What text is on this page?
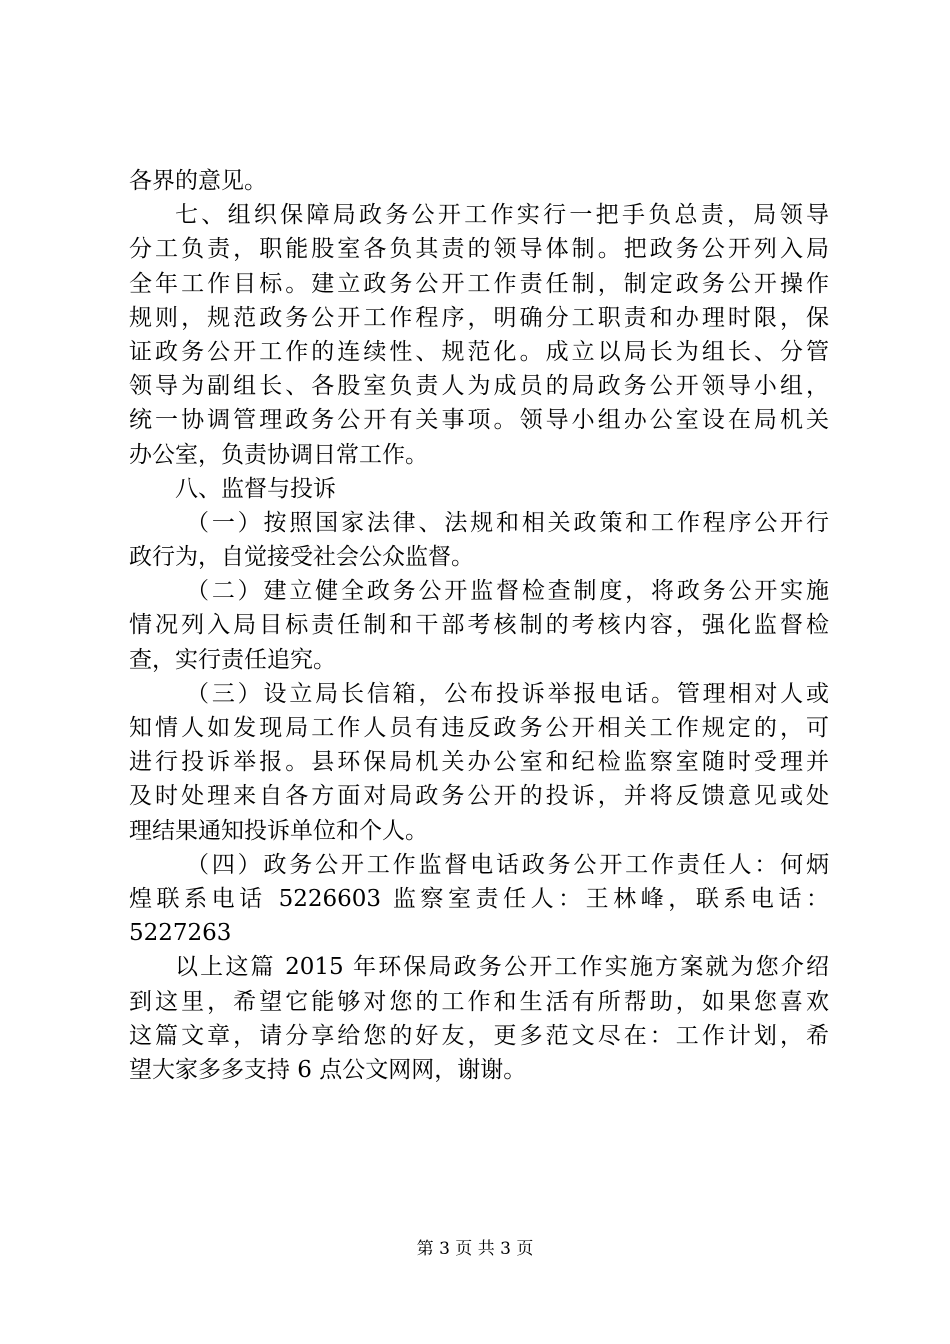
各界的意见。
七、组织保障局政务公开工作实行一把手负总责，局领导
分工负责，职能股室各负其责的领导体制。把政务公开列入局
全年工作目标。建立政务公开工作责任制，制定政务公开操作
规则，规范政务公开工作程序，明确分工职责和办理时限，保
证政务公开工作的连续性、规范化。成立以局长为组长、分管
领导为副组长、各股室负责人为成员的局政务公开领导小组，
统一协调管理政务公开有关事项。领导小组办公室设在局机关
办公室，负责协调日常工作。
八、监督与投诉
（一）按照国家法律、法规和相关政策和工作程序公开行
政行为，自觉接受社会公众监督。
（二）建立健全政务公开监督检查制度，将政务公开实施
情况列入局目标责任制和干部考核制的考核内容，强化监督检
查，实行责任追究。
（三）设立局长信箱，公布投诉举报电话。管理相对人或
知情人如发现局工作人员有违反政务公开相关工作规定的，可
进行投诉举报。县环保局机关办公室和纪检监察室随时受理并
及时处理来自各方面对局政务公开的投诉，并将反馈意见或处
理结果通知投诉单位和个人。
（四）政务公开工作监督电话政务公开工作责任人：何炳
煌联系电话 5226603 监察室责任人：王林峰，联系电话：
5227263
以上这篇 2015 年环保局政务公开工作实施方案就为您介绍
到这里，希望它能够对您的工作和生活有所帮助，如果您喜欢
这篇文章，请分享给您的好友，更多范文尽在：工作计划，希
望大家多多支持 6 点公文网网，谢谢。
第 3 页 共 3 页
